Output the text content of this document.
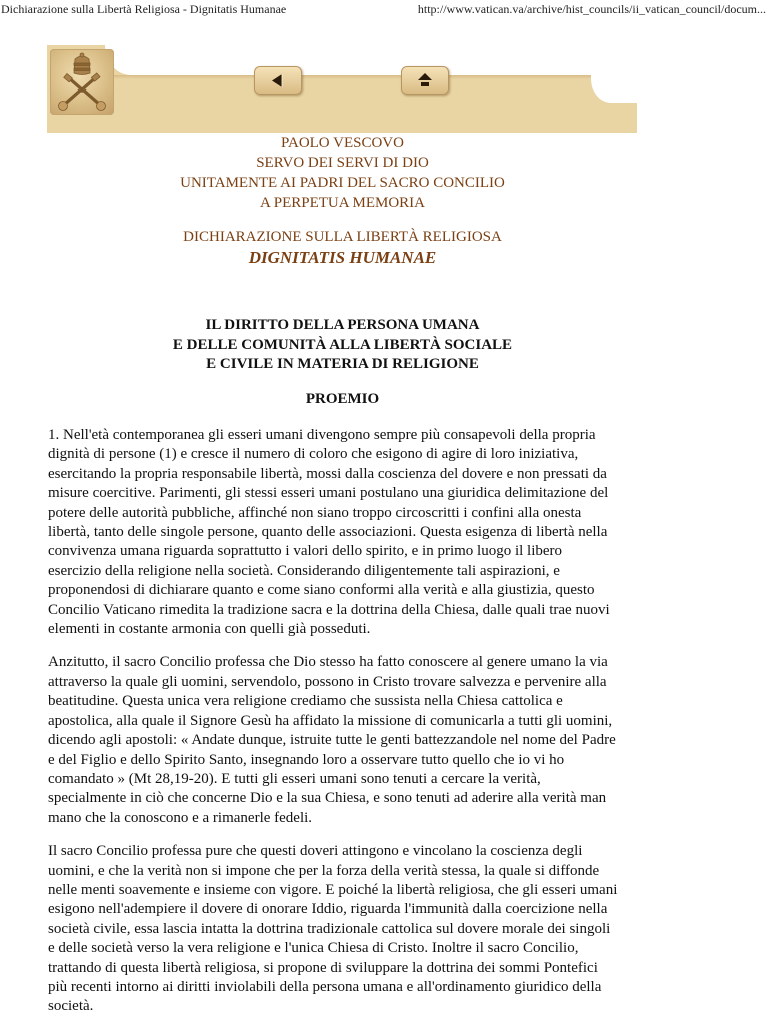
Dichiarazione sulla Libertà Religiosa - Dignitatis Humanae	http://www.vatican.va/archive/hist_councils/ii_vatican_council/docum...
PAOLO VESCOVO
SERVO DEI SERVI DI DIO
UNITAMENTE AI PADRI DEL SACRO CONCILIO
A PERPETUA MEMORIA
DICHIARAZIONE SULLA LIBERTÀ RELIGIOSA
DIGNITATIS HUMANAE
IL DIRITTO DELLA PERSONA UMANA
E DELLE COMUNITÀ ALLA LIBERTÀ SOCIALE
E CIVILE IN MATERIA DI RELIGIONE
PROEMIO

1. Nell'età contemporanea gli esseri umani divengono sempre più consapevoli della propria
dignità di persone (1) e cresce il numero di coloro che esigono di agire di loro iniziativa,
esercitando la propria responsabile libertà, mossi dalla coscienza del dovere e non pressati da
misure coercitive. Parimenti, gli stessi esseri umani postulano una giuridica delimitazione del
potere delle autorità pubbliche, affinché non siano troppo circoscritti i confini alla onesta
libertà, tanto delle singole persone, quanto delle associazioni. Questa esigenza di libertà nella
convivenza umana riguarda soprattutto i valori dello spirito, e in primo luogo il libero
esercizio della religione nella società. Considerando diligentemente tali aspirazioni, e
proponendosi di dichiarare quanto e come siano conformi alla verità e alla giustizia, questo
Concilio Vaticano rimedita la tradizione sacra e la dottrina della Chiesa, dalle quali trae nuovi
elementi in costante armonia con quelli già posseduti.

Anzitutto, il sacro Concilio professa che Dio stesso ha fatto conoscere al genere umano la via
attraverso la quale gli uomini, servendolo, possono in Cristo trovare salvezza e pervenire alla
beatitudine. Questa unica vera religione crediamo che sussista nella Chiesa cattolica e
apostolica, alla quale il Signore Gesù ha affidato la missione di comunicarla a tutti gli uomini,
dicendo agli apostoli: « Andate dunque, istruite tutte le genti battezzandole nel nome del Padre
e del Figlio e dello Spirito Santo, insegnando loro a osservare tutto quello che io vi ho
comandato » (Mt 28,19-20). E tutti gli esseri umani sono tenuti a cercare la verità,
specialmente in ciò che concerne Dio e la sua Chiesa, e sono tenuti ad aderire alla verità man
mano che la conoscono e a rimanerle fedeli.

Il sacro Concilio professa pure che questi doveri attingono e vincolano la coscienza degli
uomini, e che la verità non si impone che per la forza della verità stessa, la quale si diffonde
nelle menti soavemente e insieme con vigore. E poiché la libertà religiosa, che gli esseri umani
esigono nell'adempiere il dovere di onorare Iddio, riguarda l'immunità dalla coercizione nella
società civile, essa lascia intatta la dottrina tradizionale cattolica sul dovere morale dei singoli
e delle società verso la vera religione e l'unica Chiesa di Cristo. Inoltre il sacro Concilio,
trattando di questa libertà religiosa, si propone di sviluppare la dottrina dei sommi Pontefici
più recenti intorno ai diritti inviolabili della persona umana e all'ordinamento giuridico della
società.
